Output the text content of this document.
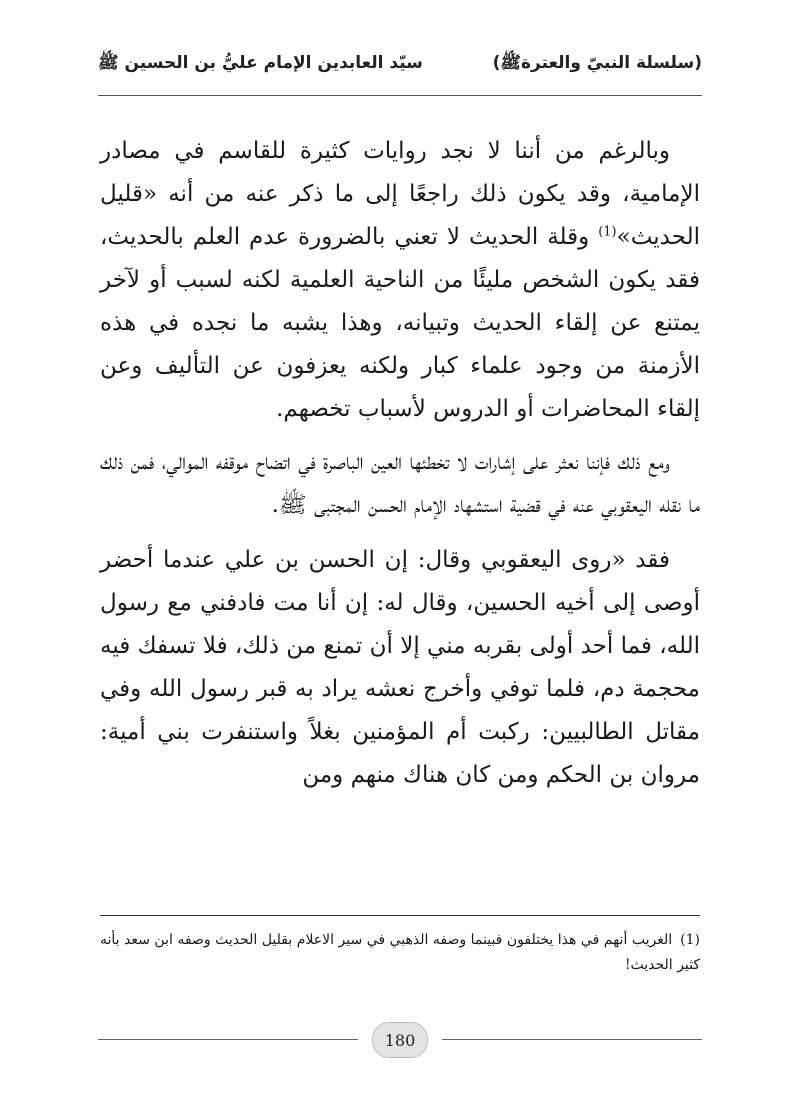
(سلسلة النبيّ والعترةﷺ)
سيّد العابدين الإمام عليُّ بن الحسين ﷺ

وبالرغم من أننا لا نجد روايات كثيرة للقاسم في مصادر الإمامية، وقد يكون ذلك راجعًا إلى ما ذكر عنه من أنه «قليل الحديث»$^{(1)}$ وقلة الحديث لا تعني بالضرورة عدم العلم بالحديث، فقد يكون الشخص مليئًا من الناحية العلمية لكنه لسبب أو لآخر يمتنع عن إلقاء الحديث وتبيانه، وهذا يشبه ما نجده في هذه الأزمنة من وجود علماء كبار ولكنه يعزفون عن التأليف وعن إلقاء المحاضرات أو الدروس لأسباب تخصهم.

ومع ذلك فإننا نعثر على إشارات لا تخطئها العين الباصرة في اتضاح موقفه الموالي، فمن ذلك ما نقله اليعقوبي عنه في قضية استشهاد الإمام الحسن المجتبى ﷺ.

فقد «روى اليعقوبي وقال: إن الحسن بن علي عندما أحضر أوصى إلى أخيه الحسين، وقال له: إن أنا مت فادفني مع رسول الله، فما أحد أولى بقربه مني إلا أن تمنع من ذلك، فلا تسفك فيه محجمة دم، فلما توفي وأخرج نعشه يراد به قبر رسول الله وفي مقاتل الطالبيين: ركبت أم المؤمنين بغلاً واستنفرت بني أمية: مروان بن الحكم ومن كان هناك منهم ومن

(1)الغريب أنهم في هذا يختلفون فبينما وصفه الذهبي في سير الاعلام بقليل الحديث وصفه ابن سعد بأنه كثير الحديث!
180
